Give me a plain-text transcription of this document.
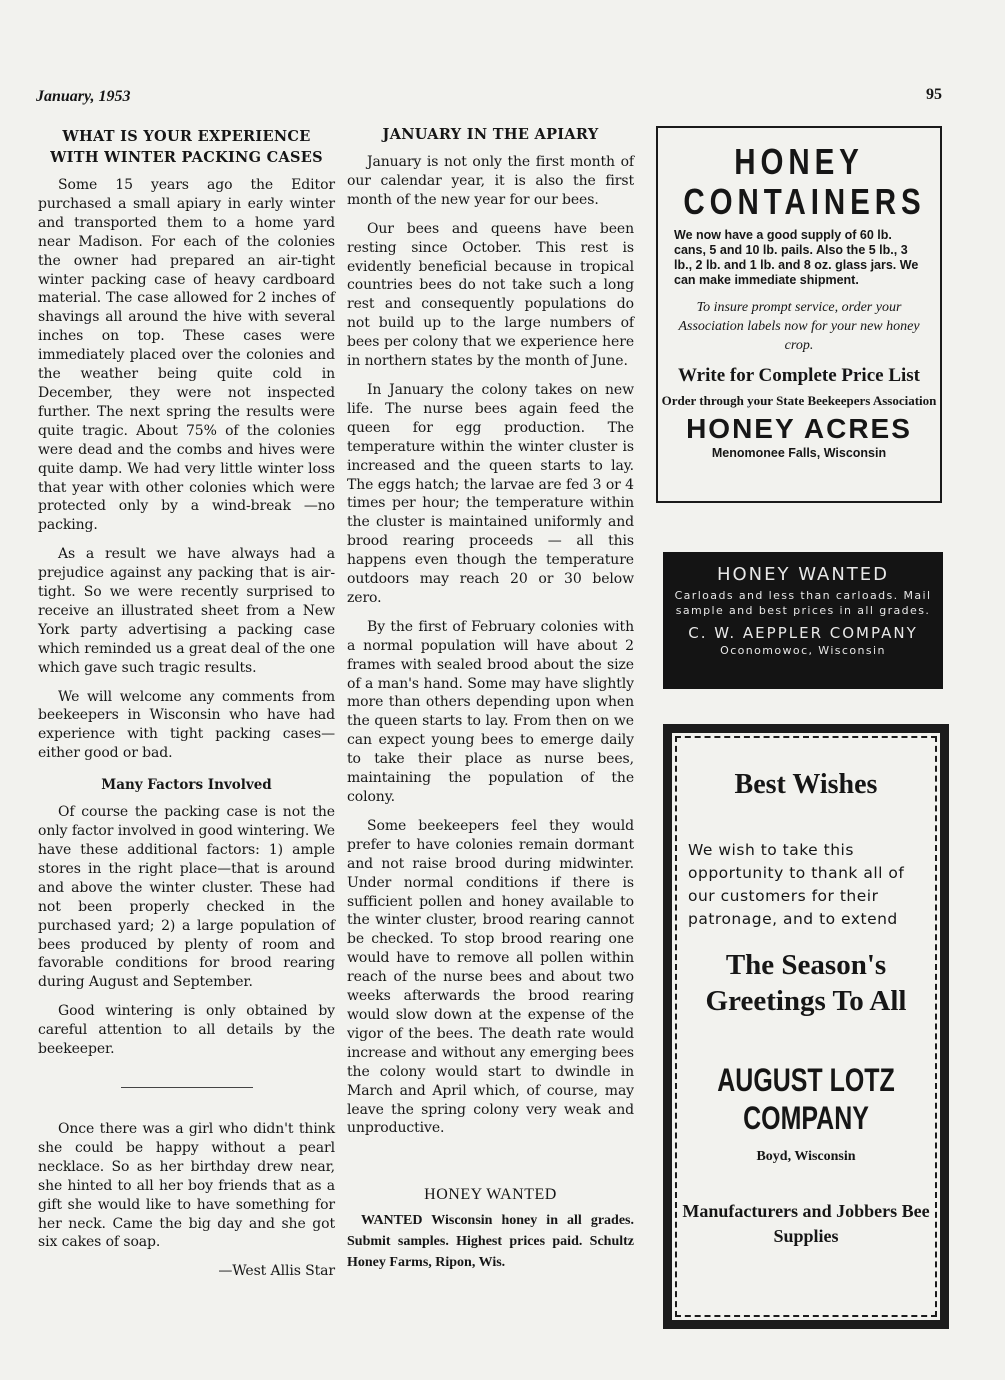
January, 1953	95
WHAT IS YOUR EXPERIENCE
WITH WINTER PACKING CASES

Some 15 years ago the Editor purchased a small apiary in early winter and transported them to a home yard near Madison. For each of the colonies the owner had prepared an air-tight winter packing case of heavy cardboard material. The case allowed for 2 inches of shavings all around the hive with several inches on top. These cases were immediately placed over the colonies and the weather being quite cold in December, they were not inspected further. The next spring the results were quite tragic. About 75% of the colonies were dead and the combs and hives were quite damp. We had very little winter loss that year with other colonies which were protected only by a wind-break —no packing.

As a result we have always had a prejudice against any packing that is air-tight. So we were recently surprised to receive an illustrated sheet from a New York party advertising a packing case which reminded us a great deal of the one which gave such tragic results.

We will welcome any comments from beekeepers in Wisconsin who have had experience with tight packing cases—either good or bad.

Many Factors Involved

Of course the packing case is not the only factor involved in good wintering. We have these additional factors: 1) ample stores in the right place—that is around and above the winter cluster. These had not been properly checked in the purchased yard; 2) a large population of bees produced by plenty of room and favorable conditions for brood rearing during August and September.

Good wintering is only obtained by careful attention to all details by the beekeeper.

Once there was a girl who didn't think she could be happy without a pearl necklace. So as her birthday drew near, she hinted to all her boy friends that as a gift she would like to have something for her neck. Came the big day and she got six cakes of soap.

—West Allis Star

JANUARY IN THE APIARY

January is not only the first month of our calendar year, it is also the first month of the new year for our bees.

Our bees and queens have been resting since October. This rest is evidently beneficial because in tropical countries bees do not take such a long rest and consequently populations do not build up to the large numbers of bees per colony that we experience here in northern states by the month of June.

In January the colony takes on new life. The nurse bees again feed the queen for egg production. The temperature within the winter cluster is increased and the queen starts to lay. The eggs hatch; the larvae are fed 3 or 4 times per hour; the temperature within the cluster is maintained uniformly and brood rearing proceeds — all this happens even though the temperature outdoors may reach 20 or 30 below zero.

By the first of February colonies with a normal population will have about 2 frames with sealed brood about the size of a man's hand. Some may have slightly more than others depending upon when the queen starts to lay. From then on we can expect young bees to emerge daily to take their place as nurse bees, maintaining the population of the colony.

Some beekeepers feel they would prefer to have colonies remain dormant and not raise brood during midwinter. Under normal conditions if there is sufficient pollen and honey available to the winter cluster, brood rearing cannot be checked. To stop brood rearing one would have to remove all pollen within reach of the nurse bees and about two weeks afterwards the brood rearing would slow down at the expense of the vigor of the bees. The death rate would increase and without any emerging bees the colony would start to dwindle in March and April which, of course, may leave the spring colony very weak and unproductive.

HONEY WANTED
WANTED Wisconsin honey in all grades. Submit samples. Highest prices paid. Schultz Honey Farms, Ripon, Wis.
HONEY
CONTAINERS
We now have a good supply of 60 lb. cans, 5 and 10 lb. pails. Also the 5 lb., 3 lb., 2 lb. and 1 lb. and 8 oz. glass jars. We can make immediate shipment.
To insure prompt service, order your Association labels now for your new honey crop.
Write for Complete Price List
Order through your State Beekeepers Association
HONEY ACRES
Menomonee Falls, Wisconsin
HONEY WANTED
Carloads and less than carloads. Mail sample and best prices in all grades.
C. W. AEPPLER COMPANY
Oconomowoc, Wisconsin
Best Wishes
We wish to take this opportunity to thank all of our customers for their patronage, and to extend
The Season's Greetings To All
AUGUST LOTZ COMPANY
Boyd, Wisconsin
Manufacturers and Jobbers Bee Supplies
